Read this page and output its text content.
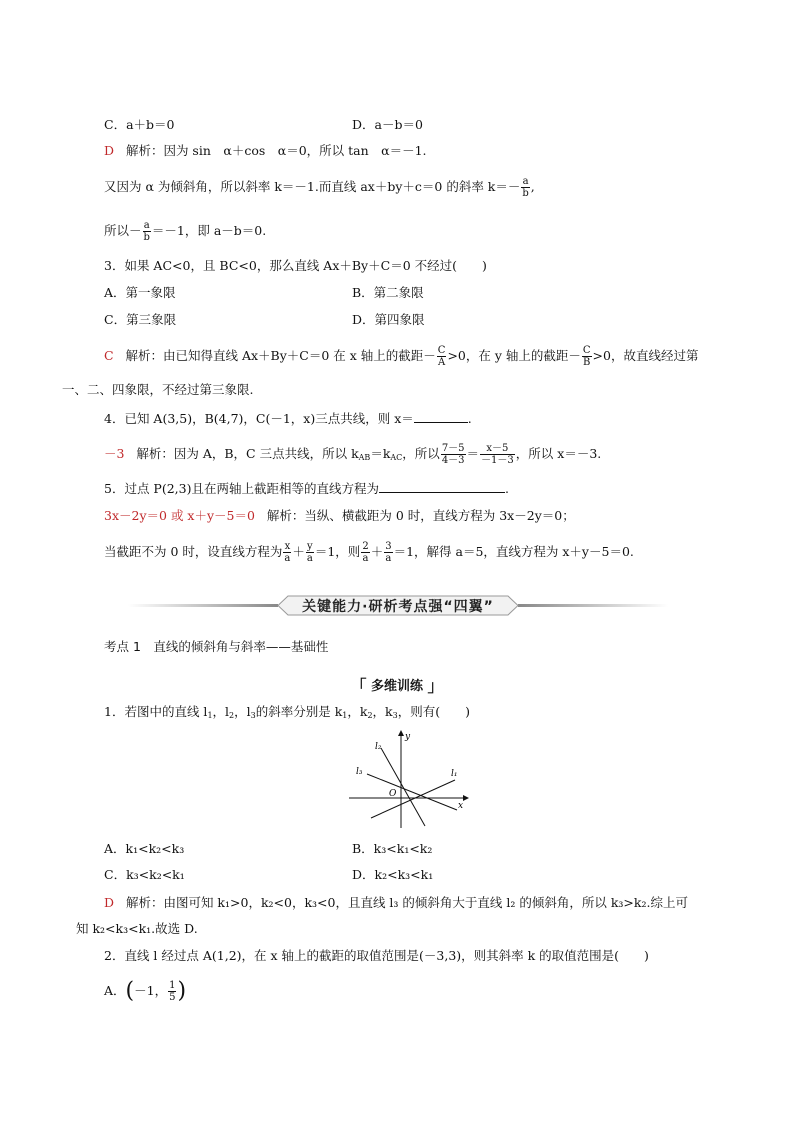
C．a＋b＝0	D．a－b＝0
D 解析：因为 sin　α＋cos　α＝0，所以 tan　α＝－1.
又因为 α 为倾斜角，所以斜率 k＝－1.而直线 ax＋by＋c＝0 的斜率 $k=- \frac{a}{b}$ ,
所以－ $\frac{a}{b} =-1$，即 a－b＝0.
3．如果 AC<0，且 BC<0，那么直线 Ax＋By＋C＝0 不经过(　　)
A．第一象限	B．第二象限
C．第三象限	D．第四象限
C 解析：由已知得直线 Ax＋By＋C＝0 在 x 轴上的截距－ $\frac{C}{A} >0$，在 y 轴上的截距－ $\frac{C}{B} >0$，故直线经过第
一、二、四象限，不经过第三象限.
4．已知 A(3,5)，B(4,7)，C(－1，x)三点共线，则 x＝	.
－3 解析：因为 A，B，C 三点共线，所以 $k_{AB}=k_{AC}$，所以 $\frac{7-5}{4-3} = \frac{x-5}{-1-3}$ ，所以 x＝－3.
5．过点 P(2,3)且在两轴上截距相等的直线方程为	.
3x－2y＝0 或 x＋y－5＝0 解析：当纵、横截距为 0 时，直线方程为 3x－2y＝0；
当截距不为 0 时，设直线方程为 $\frac{x}{a} + \frac{y}{a} =1$，则 $\frac{2}{a} + \frac{3}{a} =1$，解得 a＝5，直线方程为 x＋y－5＝0.
关键能力·研析考点强“四翼”
考点 1　直线的倾斜角与斜率——基础性
「 多维训练 」
1．若图中的直线 $l_1$，$l_2$，$l_3$的斜率分别是 $k_1$，$k_2$，$k_3$，则有(　　)
l₂
l₃	l₁
y
x
O
A．k₁<k₂<k₃	B．k₃<k₁<k₂
C．k₃<k₂<k₁	D．k₂<k₃<k₁
D 解析：由图可知 k₁>0，k₂<0，k₃<0，且直线 l₃ 的倾斜角大于直线 l₂ 的倾斜角，所以 k₃>k₂.综上可
知 k₂<k₃<k₁.故选 D.
2．直线 l 经过点 A(1,2)，在 x 轴上的截距的取值范围是(－3,3)，则其斜率 k 的取值范围是(　　)
A．(－1， $\frac{1}{5}$ )
